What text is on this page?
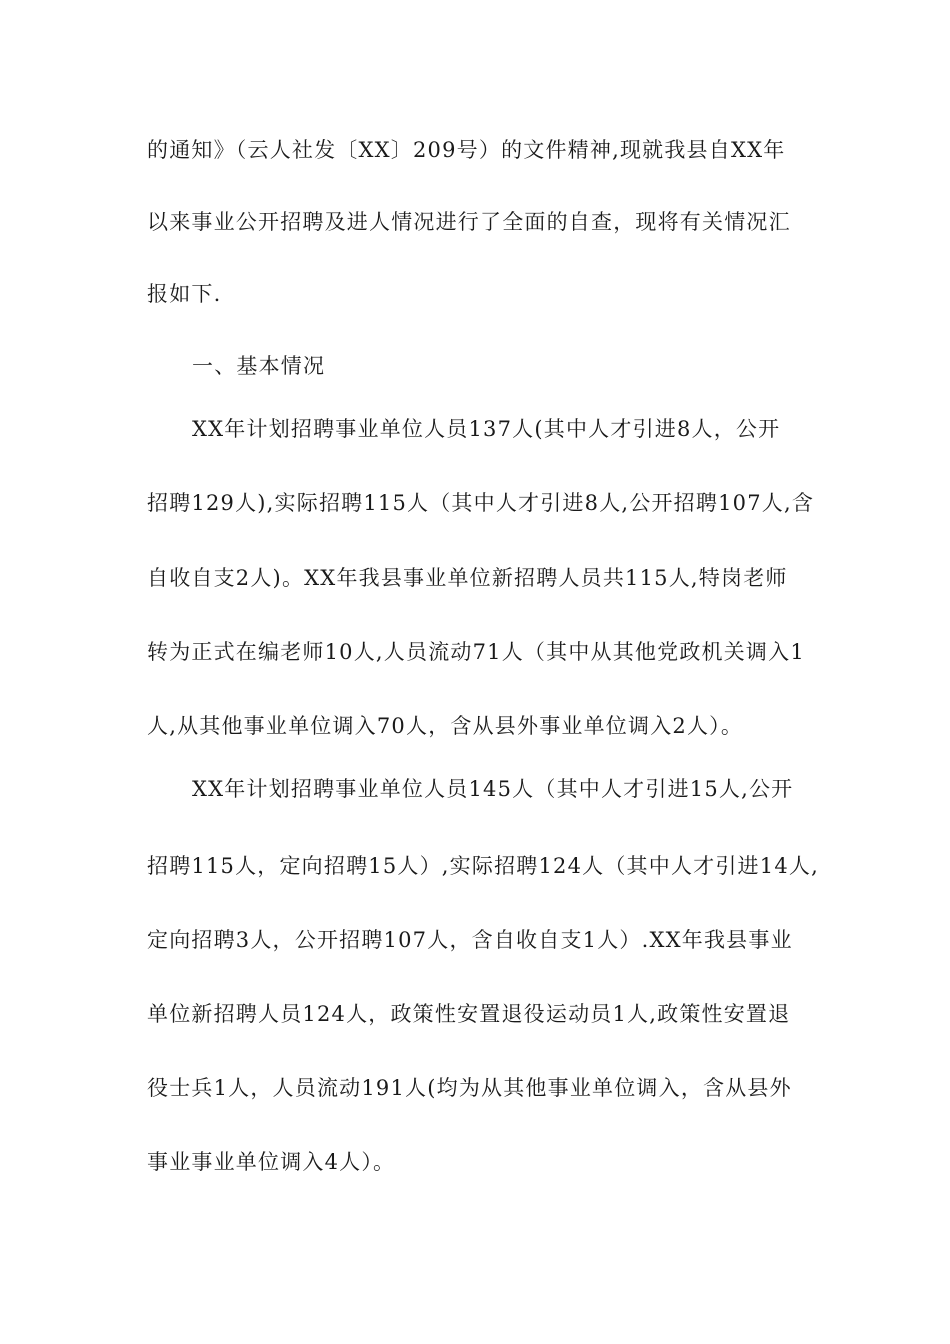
的通知》（云人社发〔XX〕209号）的文件精神,现就我县自XX年
以来事业公开招聘及进人情况进行了全面的自查，现将有关情况汇
报如下.
一、基本情况
XX年计划招聘事业单位人员137人(其中人才引进8人，公开
招聘129人),实际招聘115人（其中人才引进8人,公开招聘107人,含
自收自支2人)。XX年我县事业单位新招聘人员共115人,特岗老师
转为正式在编老师10人,人员流动71人（其中从其他党政机关调入1
人,从其他事业单位调入70人，含从县外事业单位调入2人）。
XX年计划招聘事业单位人员145人（其中人才引进15人,公开
招聘115人，定向招聘15人）,实际招聘124人（其中人才引进14人,
定向招聘3人，公开招聘107人，含自收自支1人）.XX年我县事业
单位新招聘人员124人，政策性安置退役运动员1人,政策性安置退
役士兵1人，人员流动191人(均为从其他事业单位调入，含从县外
事业事业单位调入4人）。
